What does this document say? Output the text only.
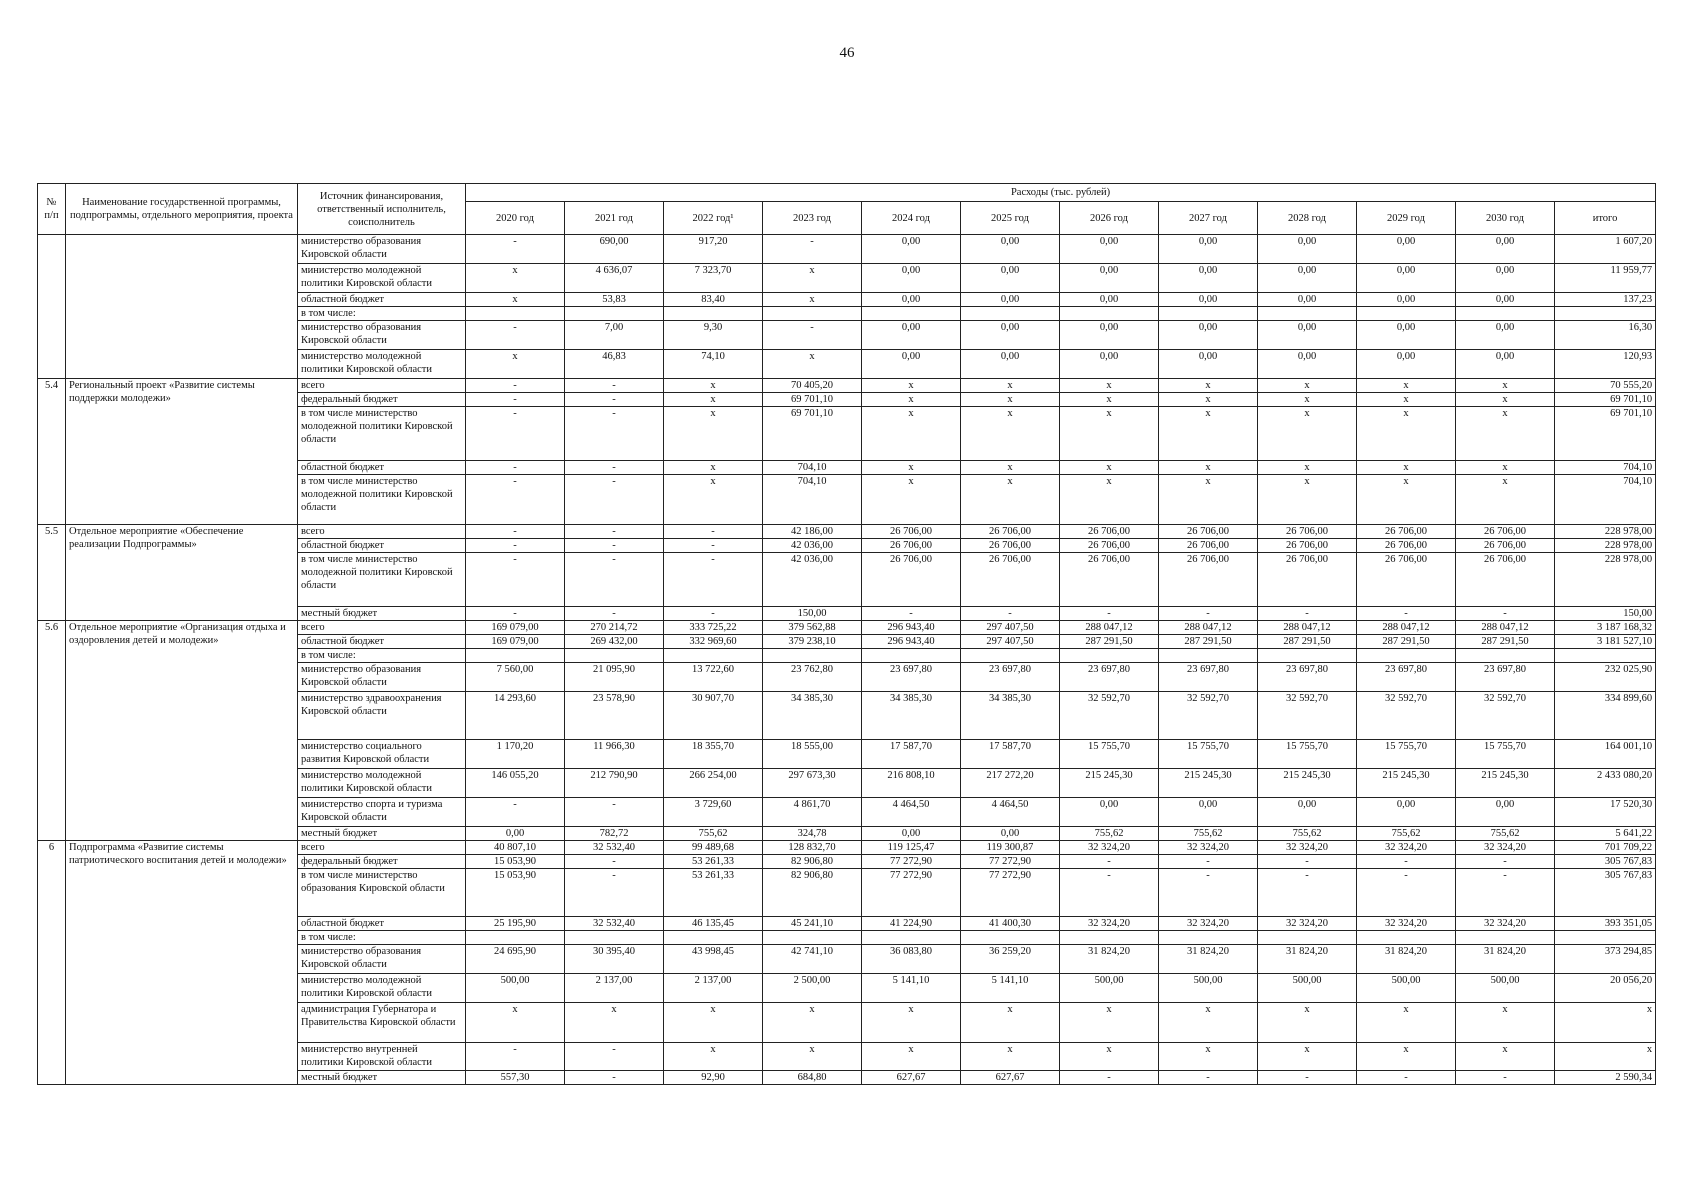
46
№ п/п	Наименование государственной программы, подпрограммы, отдельного мероприятия, проекта	Источник финансирования, ответственный исполнитель, соисполнитель	Расходы (тыс. рублей)											
			2020 год	2021 год	2022 год¹	2023 год	2024 год	2025 год	2026 год	2027 год	2028 год	2029 год	2030 год	итого
		министерство образования Кировской области	-	690,00	917,20	-	0,00	0,00	0,00	0,00	0,00	0,00	0,00	1 607,20
		министерство молодежной политики Кировской области	x	4 636,07	7 323,70	x	0,00	0,00	0,00	0,00	0,00	0,00	0,00	11 959,77
		областной бюджет	x	53,83	83,40	x	0,00	0,00	0,00	0,00	0,00	0,00	0,00	137,23
		в том числе:												
		министерство образования Кировской области	-	7,00	9,30	-	0,00	0,00	0,00	0,00	0,00	0,00	0,00	16,30
		министерство молодежной политики Кировской области	x	46,83	74,10	x	0,00	0,00	0,00	0,00	0,00	0,00	0,00	120,93
5.4	Региональный проект «Развитие системы поддержки молодежи»	всего	-	-	x	70 405,20	x	x	x	x	x	x	x	70 555,20
		федеральный бюджет	-	-	x	69 701,10	x	x	x	x	x	x	x	69 701,10
		в том числе министерство молодежной политики Кировской области	-	-	x	69 701,10	x	x	x	x	x	x	x	69 701,10
		областной бюджет	-	-	x	704,10	x	x	x	x	x	x	x	704,10
		в том числе министерство молодежной политики Кировской области	-	-	x	704,10	x	x	x	x	x	x	x	704,10
5.5	Отдельное мероприятие «Обеспечение реализации Подпрограммы»	всего	-	-	-	42 186,00	26 706,00	26 706,00	26 706,00	26 706,00	26 706,00	26 706,00	26 706,00	228 978,00
		областной бюджет	-	-	-	42 036,00	26 706,00	26 706,00	26 706,00	26 706,00	26 706,00	26 706,00	26 706,00	228 978,00
		в том числе министерство молодежной политики Кировской области	-	-	-	42 036,00	26 706,00	26 706,00	26 706,00	26 706,00	26 706,00	26 706,00	26 706,00	228 978,00
		местный бюджет	-	-	-	150,00	-	-	-	-	-	-	-	150,00
5.6	Отдельное мероприятие «Организация отдыха и оздоровления детей и молодежи»	всего	169 079,00	270 214,72	333 725,22	379 562,88	296 943,40	297 407,50	288 047,12	288 047,12	288 047,12	288 047,12	288 047,12	3 187 168,32
		областной бюджет	169 079,00	269 432,00	332 969,60	379 238,10	296 943,40	297 407,50	287 291,50	287 291,50	287 291,50	287 291,50	287 291,50	3 181 527,10
		в том числе:												
		министерство образования Кировской области	7 560,00	21 095,90	13 722,60	23 762,80	23 697,80	23 697,80	23 697,80	23 697,80	23 697,80	23 697,80	23 697,80	232 025,90
		министерство здравоохранения Кировской области	14 293,60	23 578,90	30 907,70	34 385,30	34 385,30	34 385,30	32 592,70	32 592,70	32 592,70	32 592,70	32 592,70	334 899,60
		министерство социального развития Кировской области	1 170,20	11 966,30	18 355,70	18 555,00	17 587,70	17 587,70	15 755,70	15 755,70	15 755,70	15 755,70	15 755,70	164 001,10
		министерство молодежной политики Кировской области	146 055,20	212 790,90	266 254,00	297 673,30	216 808,10	217 272,20	215 245,30	215 245,30	215 245,30	215 245,30	215 245,30	2 433 080,20
		министерство спорта и туризма Кировской области	-	-	3 729,60	4 861,70	4 464,50	4 464,50	0,00	0,00	0,00	0,00	0,00	17 520,30
		местный бюджет	0,00	782,72	755,62	324,78	0,00	0,00	755,62	755,62	755,62	755,62	755,62	5 641,22
6	Подпрограмма «Развитие системы патриотического воспитания детей и молодежи»	всего	40 807,10	32 532,40	99 489,68	128 832,70	119 125,47	119 300,87	32 324,20	32 324,20	32 324,20	32 324,20	32 324,20	701 709,22
		федеральный бюджет	15 053,90	-	53 261,33	82 906,80	77 272,90	77 272,90	-	-	-	-	-	305 767,83
		в том числе министерство образования Кировской области	15 053,90	-	53 261,33	82 906,80	77 272,90	77 272,90	-	-	-	-	-	305 767,83
		областной бюджет	25 195,90	32 532,40	46 135,45	45 241,10	41 224,90	41 400,30	32 324,20	32 324,20	32 324,20	32 324,20	32 324,20	393 351,05
		в том числе:												
		министерство образования Кировской области	24 695,90	30 395,40	43 998,45	42 741,10	36 083,80	36 259,20	31 824,20	31 824,20	31 824,20	31 824,20	31 824,20	373 294,85
		министерство молодежной политики Кировской области	500,00	2 137,00	2 137,00	2 500,00	5 141,10	5 141,10	500,00	500,00	500,00	500,00	500,00	20 056,20
		администрация Губернатора и Правительства Кировской области	x	x	x	x	x	x	x	x	x	x	x	x
		министерство внутренней политики Кировской области	-	-	x	x	x	x	x	x	x	x	x	x
		местный бюджет	557,30	-	92,90	684,80	627,67	627,67	-	-	-	-	-	2 590,34
